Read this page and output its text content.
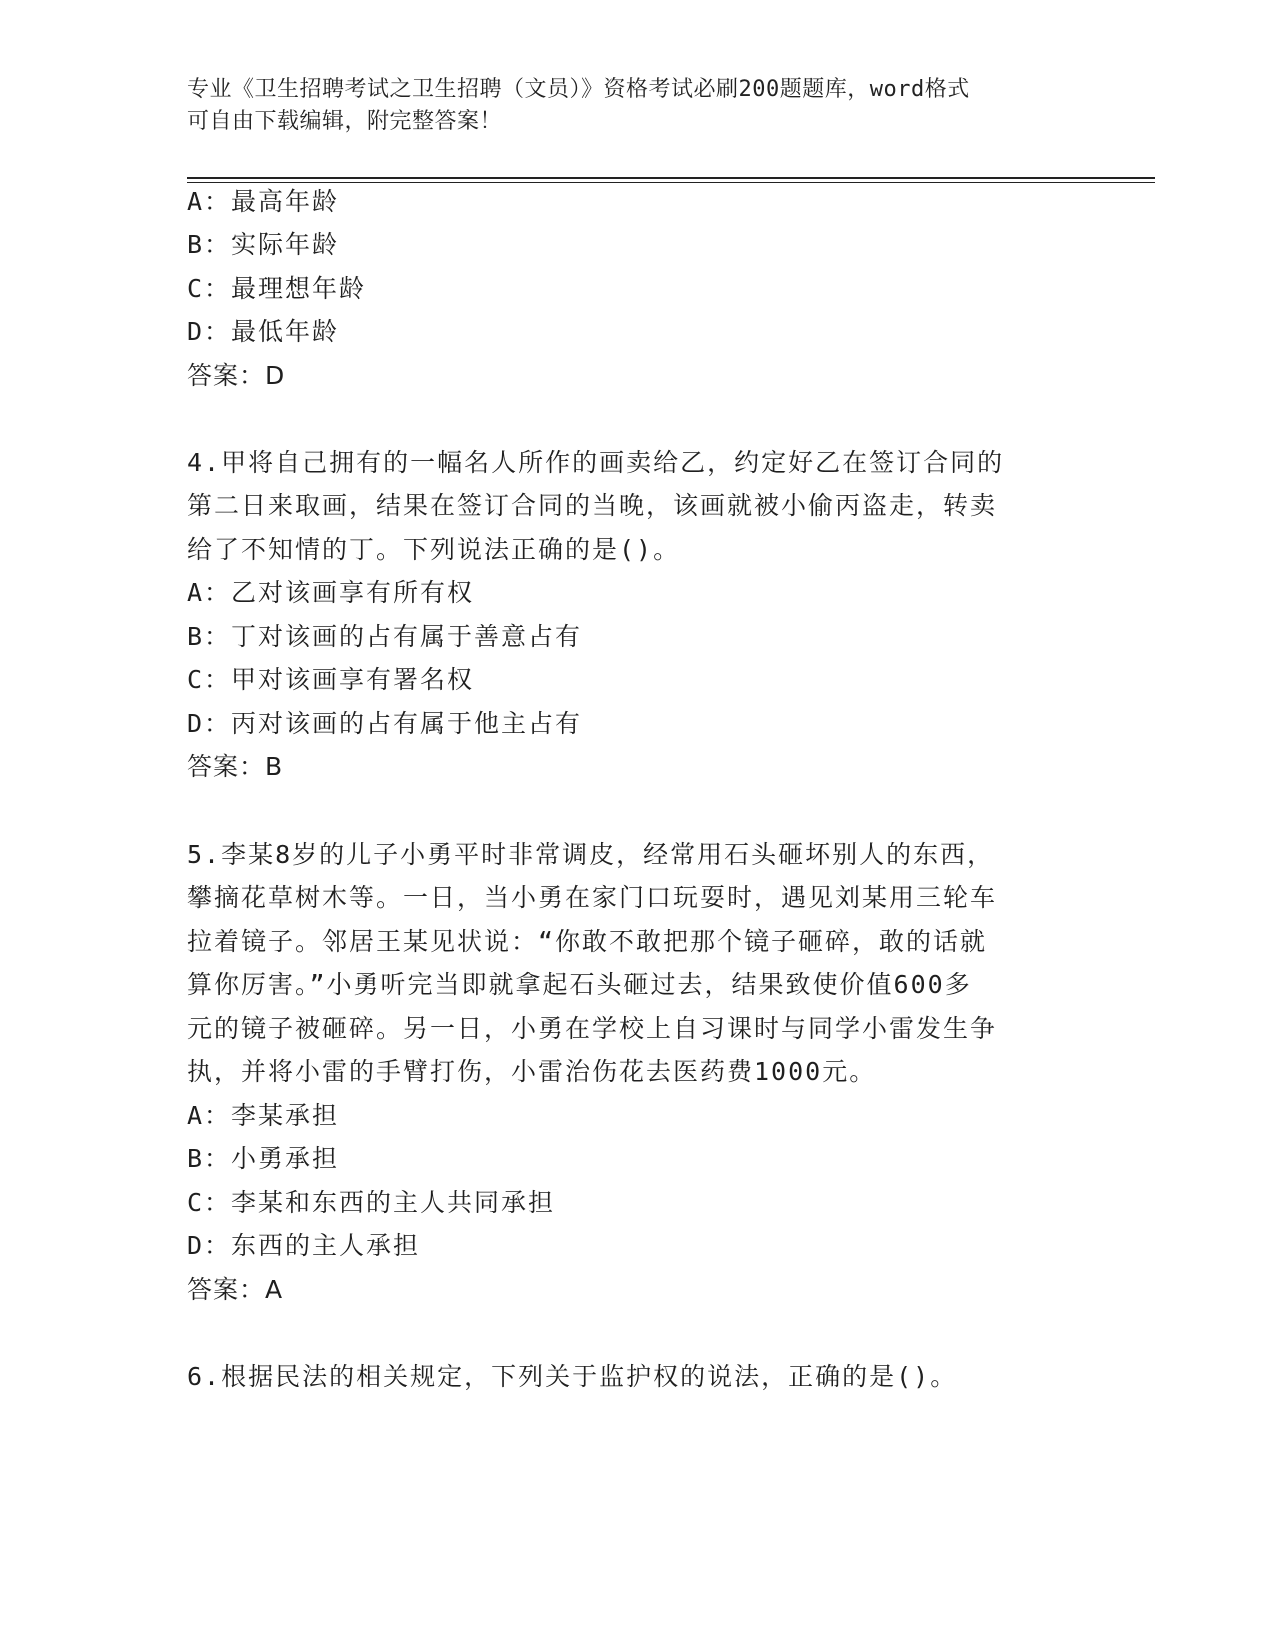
专业《卫生招聘考试之卫生招聘（文员）》资格考试必刷200题题库，word格式
可自由下载编辑，附完整答案！
A：最高年龄
B：实际年龄
C：最理想年龄
D：最低年龄
答案：D
4.甲将自己拥有的一幅名人所作的画卖给乙，约定好乙在签订合同的
第二日来取画，结果在签订合同的当晚，该画就被小偷丙盗走，转卖
给了不知情的丁。下列说法正确的是()。
A：乙对该画享有所有权
B：丁对该画的占有属于善意占有
C：甲对该画享有署名权
D：丙对该画的占有属于他主占有
答案：B
5.李某8岁的儿子小勇平时非常调皮，经常用石头砸坏别人的东西，
攀摘花草树木等。一日，当小勇在家门口玩耍时，遇见刘某用三轮车
拉着镜子。邻居王某见状说：“你敢不敢把那个镜子砸碎，敢的话就
算你厉害。”小勇听完当即就拿起石头砸过去，结果致使价值600多
元的镜子被砸碎。另一日，小勇在学校上自习课时与同学小雷发生争
执，并将小雷的手臂打伤，小雷治伤花去医药费1000元。
A：李某承担
B：小勇承担
C：李某和东西的主人共同承担
D：东西的主人承担
答案：A
6.根据民法的相关规定，下列关于监护权的说法，正确的是()。
